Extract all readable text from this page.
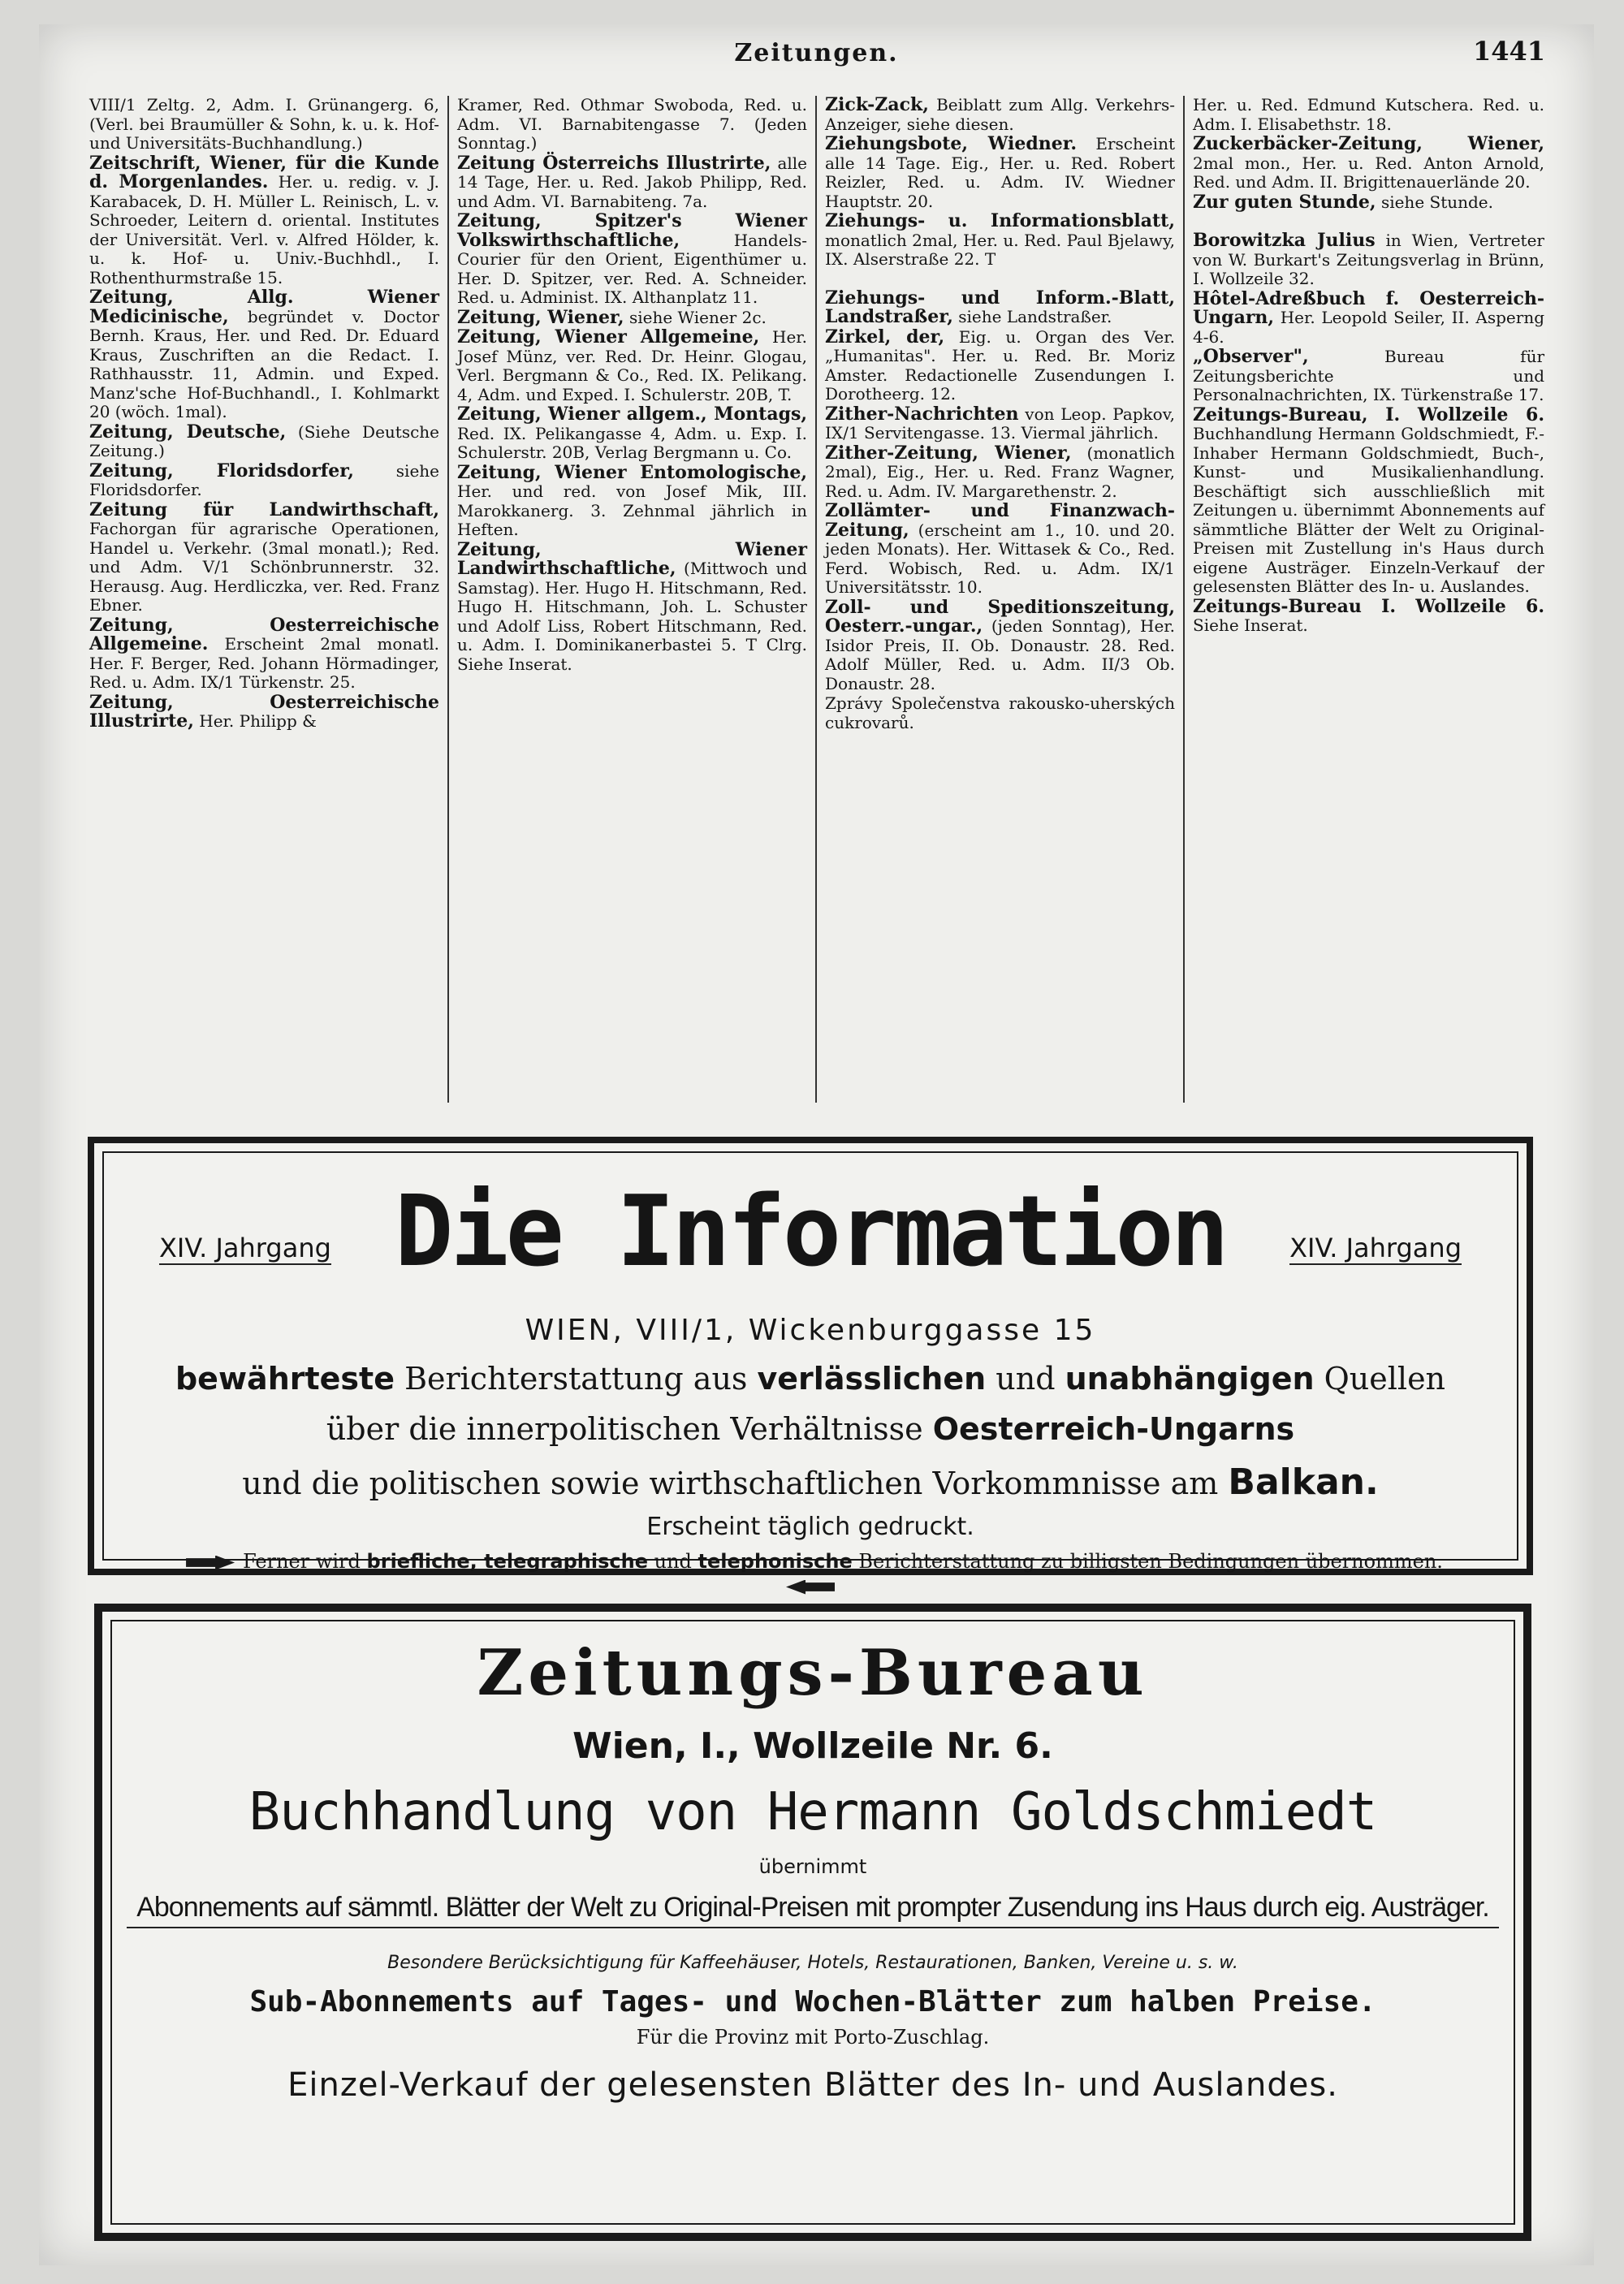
Zeitungen.	1441
VIII/1 Zeltg. 2, Adm. I. Grünangerg. 6, (Verl. bei Braumüller & Sohn, k. u. k. Hof- und Universitäts-Buchhandlung.)
Zeitschrift, Wiener, für die Kunde d. Morgenlandes. Her. u. redig. v. J. Karabacek, D. H. Müller L. Reinisch, L. v. Schroeder, Leitern d. oriental. Institutes der Universität. Verl. v. Alfred Hölder, k. u. k. Hof- u. Univ.-Buchhdl., I. Rothenthurmstraße 15.
Zeitung, Allg. Wiener Medicinische, begründet v. Doctor Bernh. Kraus, Her. und Red. Dr. Eduard Kraus, Zuschriften an die Redact. I. Rathhausstr. 11, Admin. und Exped. Manz'sche Hof-Buchhandl., I. Kohlmarkt 20 (wöch. 1mal).
Zeitung, Deutsche, (Siehe Deutsche Zeitung.)
Zeitung, Floridsdorfer,	siehe Floridsdorfer.
Zeitung für Landwirthschaft, Fachorgan für agrarische Operationen, Handel u. Verkehr. (3mal monatl.); Red. und Adm. V/1 Schönbrunnerstr. 32. Herausg. Aug. Herdliczka, ver. Red. Franz Ebner.
Zeitung, Oesterreichische Allgemeine. Erscheint 2mal monatl. Her. F. Berger, Red. Johann Hörmadinger, Red. u. Adm. IX/1 Türkenstr. 25.
Zeitung, Oesterreichische Illustrirte, Her. Philipp &
Kramer, Red. Othmar Swoboda, Red. u. Adm. VI. Barnabitengasse 7. (Jeden Sonntag.)
Zeitung Österreichs Illustrirte, alle 14 Tage, Her. u. Red. Jakob Philipp, Red. und Adm. VI. Barnabiteng. 7a.
Zeitung, Spitzer's Wiener Volkswirthschaftliche,	Handels-Courier für den Orient, Eigenthümer u. Her. D. Spitzer, ver. Red. A. Schneider. Red. u. Administ. IX. Althanplatz 11.
Zeitung, Wiener, siehe Wiener 2c.
Zeitung, Wiener Allgemeine, Her. Josef Münz, ver. Red. Dr. Heinr. Glogau, Verl. Bergmann & Co., Red. IX. Pelikang. 4, Adm. und Exped. I. Schulerstr. 20B, T.
Zeitung, Wiener allgem., Montags, Red. IX. Pelikangasse 4, Adm. u. Exp. I. Schulerstr. 20B, Verlag Bergmann u. Co.
Zeitung, Wiener Entomologische, Her. und red. von Josef Mik, III. Marokkanerg. 3. Zehnmal jährlich in Heften.
Zeitung, Wiener Landwirthschaftliche, (Mittwoch und Samstag). Her. Hugo H. Hitschmann, Red. Hugo H. Hitschmann, Joh. L. Schuster und Adolf Liss, Robert Hitschmann, Red. u. Adm. I. Dominikanerbastei 5. T Clrg. Siehe Inserat.
Zick-Zack, Beiblatt zum Allg. Verkehrs-Anzeiger, siehe diesen.
Ziehungsbote, Wiedner. Erscheint alle 14 Tage. Eig., Her. u. Red. Robert Reizler, Red. u. Adm. IV. Wiedner Hauptstr. 20.
Ziehungs- u. Informationsblatt, monatlich 2mal, Her. u. Red. Paul Bjelawy, IX. Alserstraße 22. T
Ziehungs- und Inform.-Blatt, Landstraßer, siehe Landstraßer.
Zirkel, der, Eig. u. Organ des Ver. „Humanitas". Her. u. Red. Br. Moriz Amster. Redactionelle Zusendungen I. Dorotheerg. 12.
Zither-Nachrichten von Leop. Papkov, IX/1 Servitengasse. 13. Viermal jährlich.
Zither-Zeitung, Wiener, (monatlich 2mal), Eig., Her. u. Red. Franz Wagner, Red. u. Adm. IV. Margarethenstr. 2.
Zollämter- und Finanzwach-Zeitung, (erscheint am 1., 10. und 20. jeden Monats). Her. Wittasek & Co., Red. Ferd. Wobisch, Red. u. Adm. IX/1 Universitätsstr. 10.
Zoll- und Speditionszeitung, Oesterr.-ungar., (jeden Sonntag), Her. Isidor Preis, II. Ob. Donaustr. 28. Red. Adolf Müller, Red. u. Adm. II/3 Ob. Donaustr. 28.
Zprávy Společenstva rakousko-uherských cukrovarů.
Her. u. Red. Edmund Kutschera. Red. u. Adm. I. Elisabethstr. 18.
Zuckerbäcker-Zeitung, Wiener, 2mal mon., Her. u. Red. Anton Arnold, Red. und Adm. II. Brigittenauerlände 20.
Zur guten Stunde, siehe Stunde.
Borowitzka Julius in Wien, Vertreter von W. Burkart's Zeitungsverlag in Brünn, I. Wollzeile 32.
Hôtel-Adreßbuch f. Oesterreich-Ungarn, Her. Leopold Seiler, II. Asperng 4-6.
„Observer",	Bureau für Zeitungsberichte und Personalnachrichten, IX. Türkenstraße 17.
Zeitungs-Bureau, I. Wollzeile 6. Buchhandlung Hermann Goldschmiedt, F.-Inhaber Hermann Goldschmiedt, Buch-, Kunst- und Musikalienhandlung. Beschäftigt sich ausschließlich mit Zeitungen u. übernimmt Abonnements auf sämmtliche Blätter der Welt zu Original-Preisen mit Zustellung in's Haus durch eigene Austräger. Einzeln-Verkauf der gelesensten Blätter des In- u. Auslandes.
Zeitungs-Bureau I. Wollzeile 6. Siehe Inserat.
XIV. Jahrgang Die Information	XIV. Jahrgang
WIEN, VIII/1, Wickenburggasse 15
bewährteste Berichterstattung aus verlässlichen und unabhängigen Quellen
über die innerpolitischen Verhältnisse Oesterreich-Ungarns
und die politischen sowie wirthschaftlichen Vorkommnisse am Balkan.
Erscheint täglich gedruckt.
Ferner wird briefliche, telegraphische und telephonische Berichterstattung zu billigsten Bedingungen übernommen.
Zeitungs-Bureau
Wien, I., Wollzeile Nr. 6.
Buchhandlung von Hermann Goldschmiedt
übernimmt
Abonnements auf sämmtl. Blätter der Welt zu Original-Preisen mit prompter Zusendung ins Haus durch eig. Austräger.
Besondere Berücksichtigung für Kaffeehäuser, Hotels, Restaurationen, Banken, Vereine u. s. w.
Sub-Abonnements auf Tages- und Wochen-Blätter zum halben Preise.
Für die Provinz mit Porto-Zuschlag.
Einzel-Verkauf der gelesensten Blätter des In- und Auslandes.
